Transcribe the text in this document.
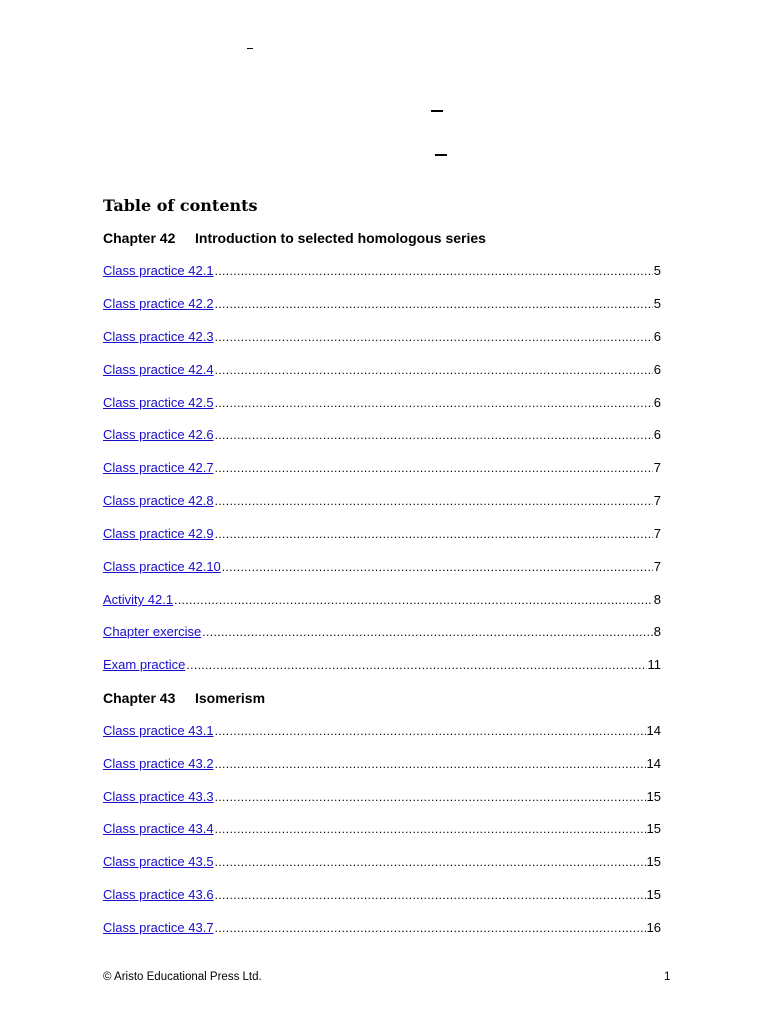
Table of contents
Chapter 42 Introduction to selected homologous series
Class practice 42.1 .....	5
Class practice 42.2 .....	5
Class practice 42.3 .....	6
Class practice 42.4 .....	6
Class practice 42.5 .....	6
Class practice 42.6 .....	6
Class practice 42.7 .....	7
Class practice 42.8 .....	7
Class practice 42.9 .....	7
Class practice 42.10 .....	7
Activity 42.1 .....	8
Chapter exercise .....	8
Exam practice .....	11
Chapter 43 Isomerism
Class practice 43.1 .....	14
Class practice 43.2 .....	14
Class practice 43.3 .....	15
Class practice 43.4 .....	15
Class practice 43.5 .....	15
Class practice 43.6 .....	15
Class practice 43.7 .....	16
© Aristo Educational Press Ltd.	1
